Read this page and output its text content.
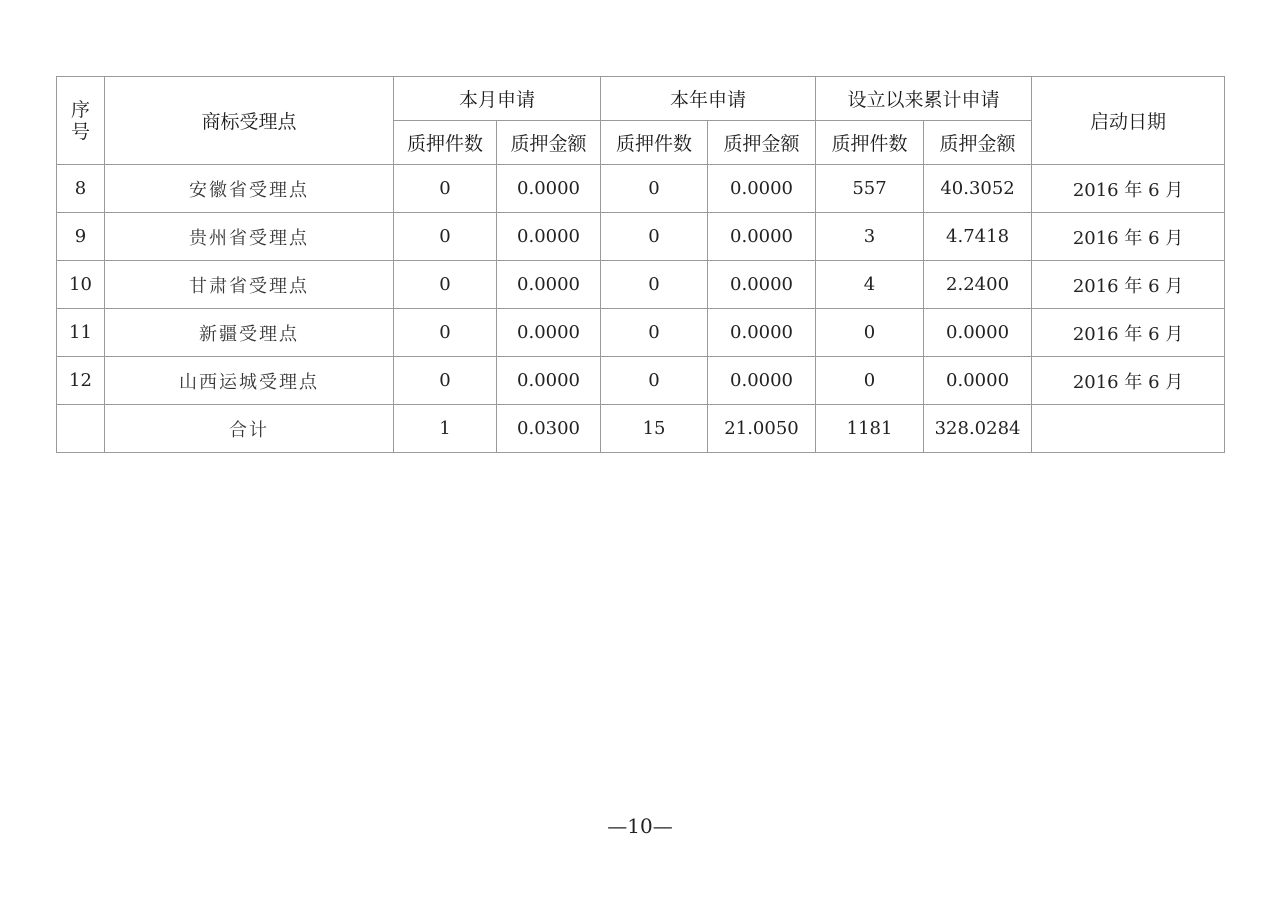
序号	商标受理点	本月申请		本年申请		设立以来累计申请		启动日期
		质押件数	质押金额	质押件数	质押金额	质押件数	质押金额	
8	安徽省受理点	0	0.0000	0	0.0000	557	40.3052	2016 年 6 月
9	贵州省受理点	0	0.0000	0	0.0000	3	4.7418	2016 年 6 月
10	甘肃省受理点	0	0.0000	0	0.0000	4	2.2400	2016 年 6 月
11	新疆受理点	0	0.0000	0	0.0000	0	0.0000	2016 年 6 月
12	山西运城受理点	0	0.0000	0	0.0000	0	0.0000	2016 年 6 月
	合计	1	0.0300	15	21.0050	1181	328.0284	
—10—
